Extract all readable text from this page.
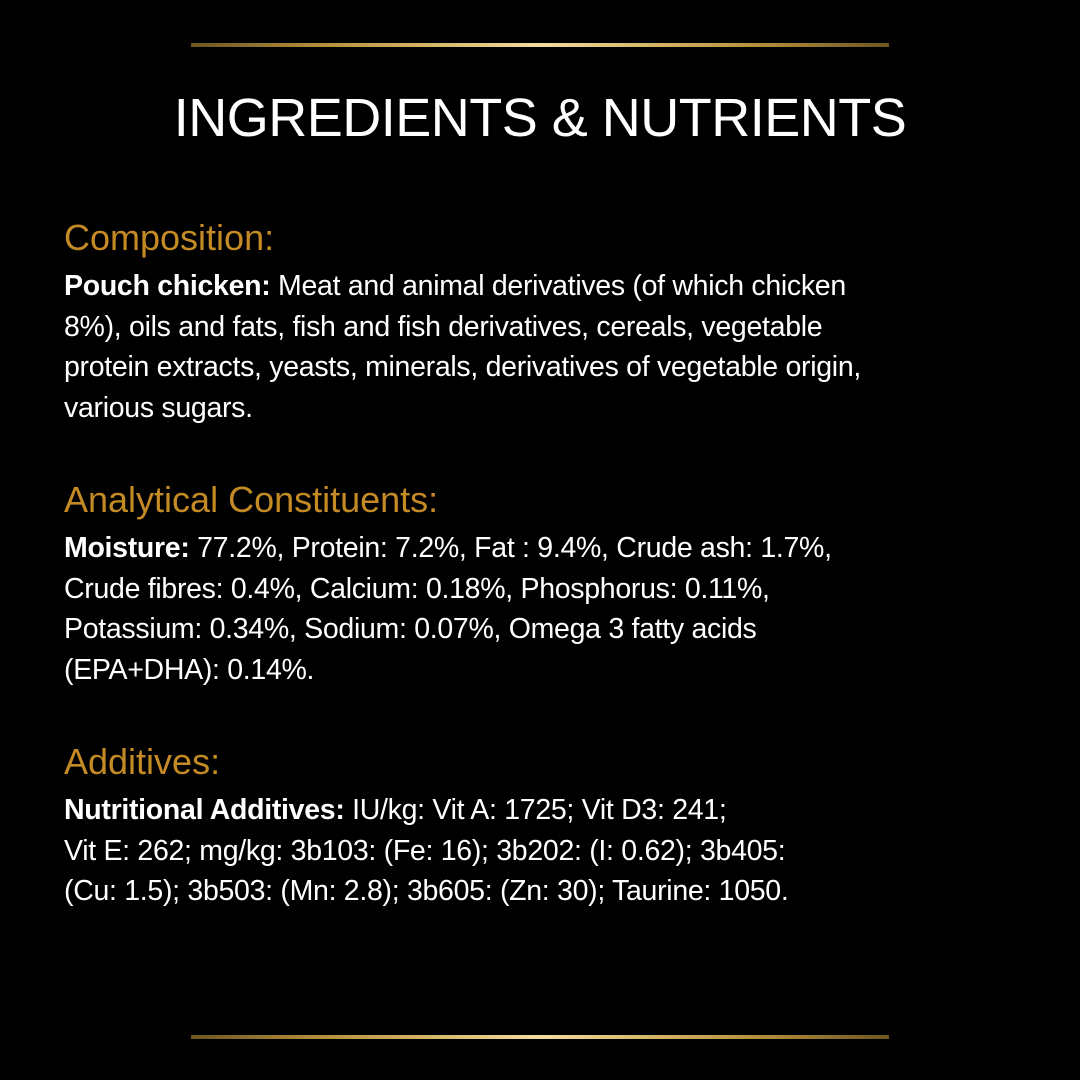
INGREDIENTS & NUTRIENTS
Composition:

Pouch chicken: Meat and animal derivatives (of which chicken
8%), oils and fats, fish and fish derivatives, cereals, vegetable
protein extracts, yeasts, minerals, derivatives of vegetable origin,
various sugars.

Analytical Constituents:

Moisture: 77.2%, Protein: 7.2%, Fat : 9.4%, Crude ash: 1.7%,
Crude fibres: 0.4%, Calcium: 0.18%, Phosphorus: 0.11%,
Potassium: 0.34%, Sodium: 0.07%, Omega 3 fatty acids
(EPA+DHA): 0.14%.

Additives:

Nutritional Additives: IU/kg: Vit A: 1725; Vit D3: 241;
Vit E: 262; mg/kg: 3b103: (Fe: 16); 3b202: (I: 0.62); 3b405:
(Cu: 1.5); 3b503: (Mn: 2.8); 3b605: (Zn: 30); Taurine: 1050.
